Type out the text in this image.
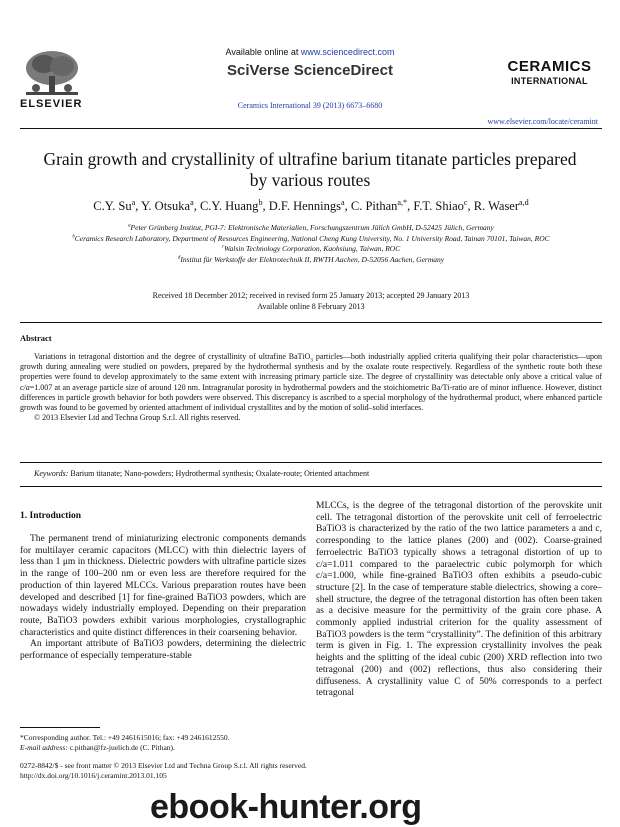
ELSEVIER
Available online at www.sciencedirect.com
SciVerse ScienceDirect
Ceramics International 39 (2013) 6673–6680
CERAMICS
INTERNATIONAL
www.elsevier.com/locate/ceramint
Grain growth and crystallinity of ultrafine barium titanate particles prepared by various routes
C.Y. Su$^a$, Y. Otsuka$^a$, C.Y. Huang$^b$, D.F. Hennings$^a$, C. Pithan$^{a,*}$, F.T. Shiao$^c$, R. Waser$^{a,d}$
$^a$Peter Grünberg Institut, PGI-7: Elektronische Materialien, Forschungszentrum Jülich GmbH, D-52425 Jülich, Germany
$^b$Ceramics Research Laboratory, Department of Resources Engineering, National Cheng Kung University, No. 1 University Road, Tainan 70101, Taiwan, ROC
$^c$Walsin Technology Corporation, Kaohsiung, Taiwan, ROC
$^d$Institut für Werkstoffe der Elektrotechnik II, RWTH Aachen, D-52056 Aachen, Germany
Received 18 December 2012; received in revised form 25 January 2013; accepted 29 January 2013
Available online 8 February 2013
Abstract

Variations in tetragonal distortion and the degree of crystallinity of ultrafine BaTiO$_3$ particles—both industrially applied criteria qualifying their polar characteristics—upon growth during annealing were studied on powders, prepared by the hydrothermal synthesis and by the oxalate route respectively. Regardless of the synthetic route both these properties were found to develop approximately to the same extent with increasing primary particle size. The degree of crystallinity was detectable only above a critical value of c/a=1.007 at an average particle size of around 120 nm. Intragranular porosity in hydrothermal powders and the stoichiometric Ba/Ti-ratio are of minor influence. However, distinct differences in particle growth behavior for both powders were observed. This discrepancy is ascribed to a special morphology of the hydrothermal product, where enhanced particle growth was found to be governed by oriented attachment of individual crystallites and by the motion of solid–solid interfaces.

© 2013 Elsevier Ltd and Techna Group S.r.l. All rights reserved.

Keywords: Barium titanate; Nano-powders; Hydrothermal synthesis; Oxalate-route; Oriented attachment
1. Introduction

The permanent trend of miniaturizing electronic components demands for multilayer ceramic capacitors (MLCC) with thin dielectric layers of less than 1 μm in thickness. Dielectric powders with ultrafine particle sizes in the range of 100–200 nm or even less are therefore required for the production of thin layered MLCCs. Various preparation routes have been developed and described [1] for fine-grained BaTiO3 powders, which are nowadays widely industrially employed. Depending on their preparation route, BaTiO3 powders exhibit various morphologies, crystallographic characteristics and quite distinct differences in their coarsening behavior.

An important attribute of BaTiO3 powders, determining the dielectric performance of especially temperature-stable

MLCCs, is the degree of the tetragonal distortion of the perovskite unit cell. The tetragonal distortion of the perovskite unit cell of ferroelectric BaTiO3 is characterized by the ratio of the two lattice parameters a and c, corresponding to the lattice planes (200) and (002). Coarse-grained ferroelectric BaTiO3 typically shows a tetragonal distortion of up to c/a=1.011 compared to the paraelectric cubic polymorph for which c/a=1.000, while fine-grained BaTiO3 often exhibits a pseudo-cubic structure [2]. In the case of temperature stable dielectrics, showing a core–shell structure, the degree of the tetragonal distortion has often been taken as a decisive measure for the permittivity of the grain core phase. A commonly applied industrial criterion for the quality assessment of BaTiO3 powders is the term “crystallinity”. The definition of this arbitrary term is given in Fig. 1. The expression crystallinity involves the peak heights and the splitting of the ideal cubic (200) XRD reflection into two tetragonal (200) and (002) reflections, thus also considering their diffuseness. A crystallinity value C of 50% corresponds to a perfect tetragonal

*Corresponding author. Tel.: +49 2461615016; fax: +49 2461612550.
E-mail address: c.pithan@fz-juelich.de (C. Pithan).
0272-8842/$ - see front matter © 2013 Elsevier Ltd and Techna Group S.r.l. All rights reserved.
http://dx.doi.org/10.1016/j.ceramint.2013.01.105
ebook-hunter.org
